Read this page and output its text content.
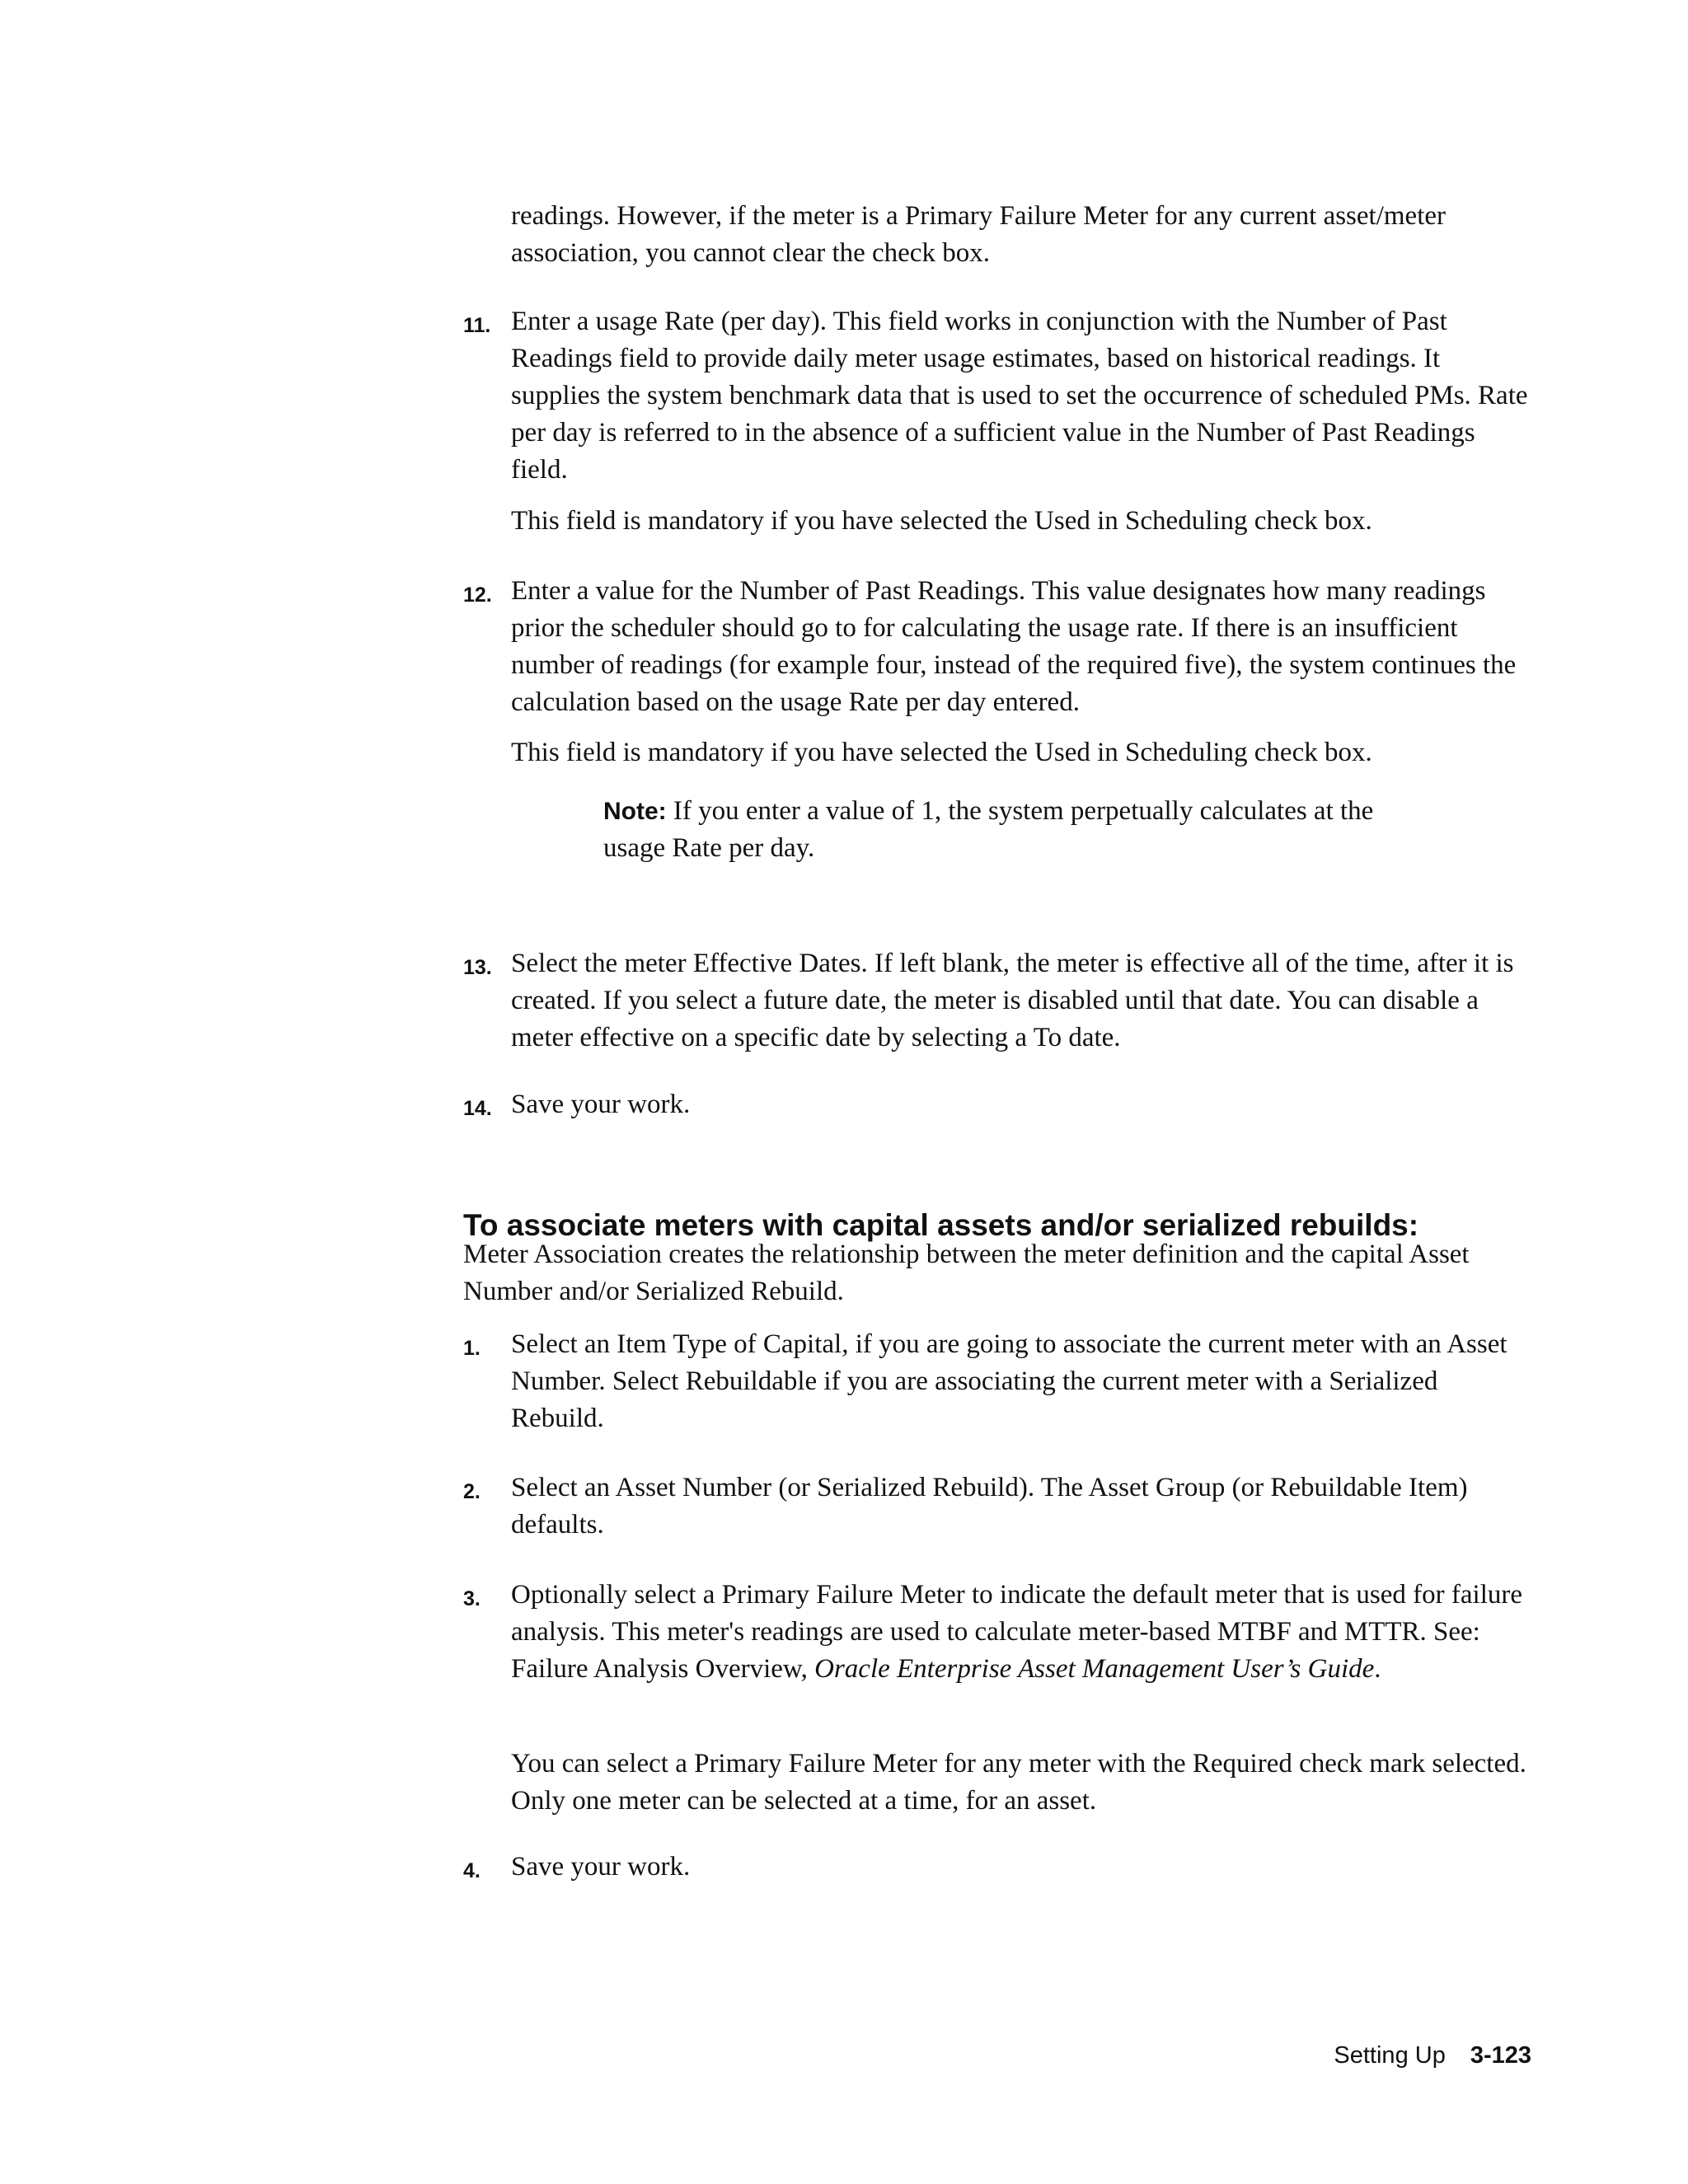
readings. However, if the meter is a Primary Failure Meter for any current asset/meter association, you cannot clear the check box.

11. Enter a usage Rate (per day). This field works in conjunction with the Number of Past Readings field to provide daily meter usage estimates, based on historical readings. It supplies the system benchmark data that is used to set the occurrence of scheduled PMs. Rate per day is referred to in the absence of a sufficient value in the Number of Past Readings field.

This field is mandatory if you have selected the Used in Scheduling check box.

12. Enter a value for the Number of Past Readings. This value designates how many readings prior the scheduler should go to for calculating the usage rate. If there is an insufficient number of readings (for example four, instead of the required five), the system continues the calculation based on the usage Rate per day entered.

This field is mandatory if you have selected the Used in Scheduling check box.

Note: If you enter a value of 1, the system perpetually calculates at the usage Rate per day.

13. Select the meter Effective Dates. If left blank, the meter is effective all of the time, after it is created. If you select a future date, the meter is disabled until that date. You can disable a meter effective on a specific date by selecting a To date.

14. Save your work.

To associate meters with capital assets and/or serialized rebuilds:

Meter Association creates the relationship between the meter definition and the capital Asset Number and/or Serialized Rebuild.

1. Select an Item Type of Capital, if you are going to associate the current meter with an Asset Number. Select Rebuildable if you are associating the current meter with a Serialized Rebuild.

2. Select an Asset Number (or Serialized Rebuild). The Asset Group (or Rebuildable Item) defaults.

3. Optionally select a Primary Failure Meter to indicate the default meter that is used for failure analysis. This meter's readings are used to calculate meter-based MTBF and MTTR. See: Failure Analysis Overview, Oracle Enterprise Asset Management User’s Guide.

You can select a Primary Failure Meter for any meter with the Required check mark selected. Only one meter can be selected at a time, for an asset.

4. Save your work.

Setting Up 3-123
